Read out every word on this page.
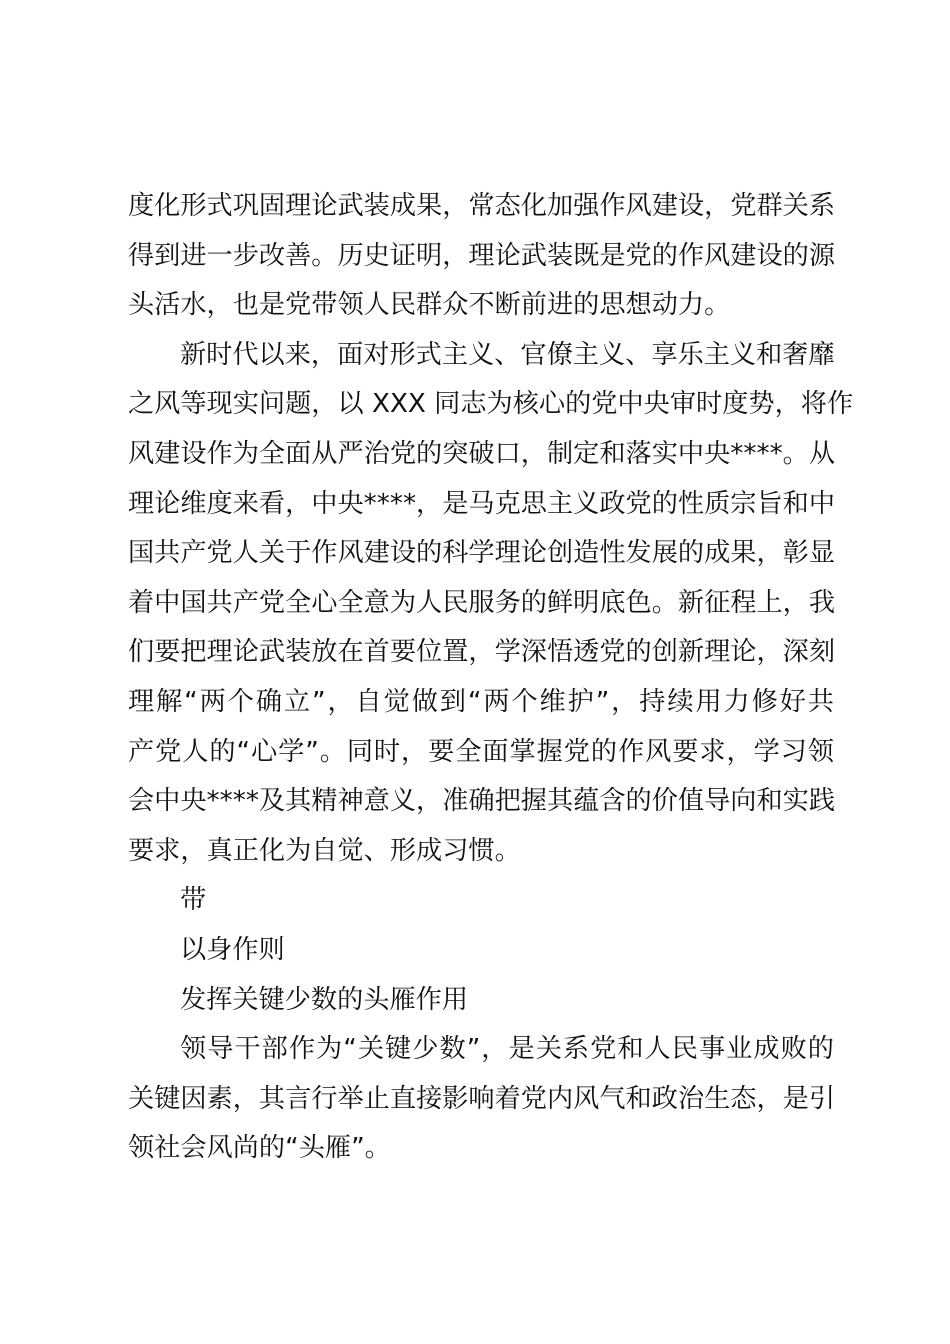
度化形式巩固理论武装成果，常态化加强作风建设，党群关系
得到进一步改善。历史证明，理论武装既是党的作风建设的源
头活水，也是党带领人民群众不断前进的思想动力。
新时代以来，面对形式主义、官僚主义、享乐主义和奢靡
之风等现实问题，以 XXX 同志为核心的党中央审时度势，将作
风建设作为全面从严治党的突破口，制定和落实中央****。从
理论维度来看，中央****，是马克思主义政党的性质宗旨和中
国共产党人关于作风建设的科学理论创造性发展的成果，彰显
着中国共产党全心全意为人民服务的鲜明底色。新征程上，我
们要把理论武装放在首要位置，学深悟透党的创新理论，深刻
理解“两个确立”，自觉做到“两个维护”，持续用力修好共
产党人的“心学”。同时，要全面掌握党的作风要求，学习领
会中央****及其精神意义，准确把握其蕴含的价值导向和实践
要求，真正化为自觉、形成习惯。
带
以身作则
发挥关键少数的头雁作用
领导干部作为“关键少数”，是关系党和人民事业成败的
关键因素，其言行举止直接影响着党内风气和政治生态，是引
领社会风尚的“头雁”。
